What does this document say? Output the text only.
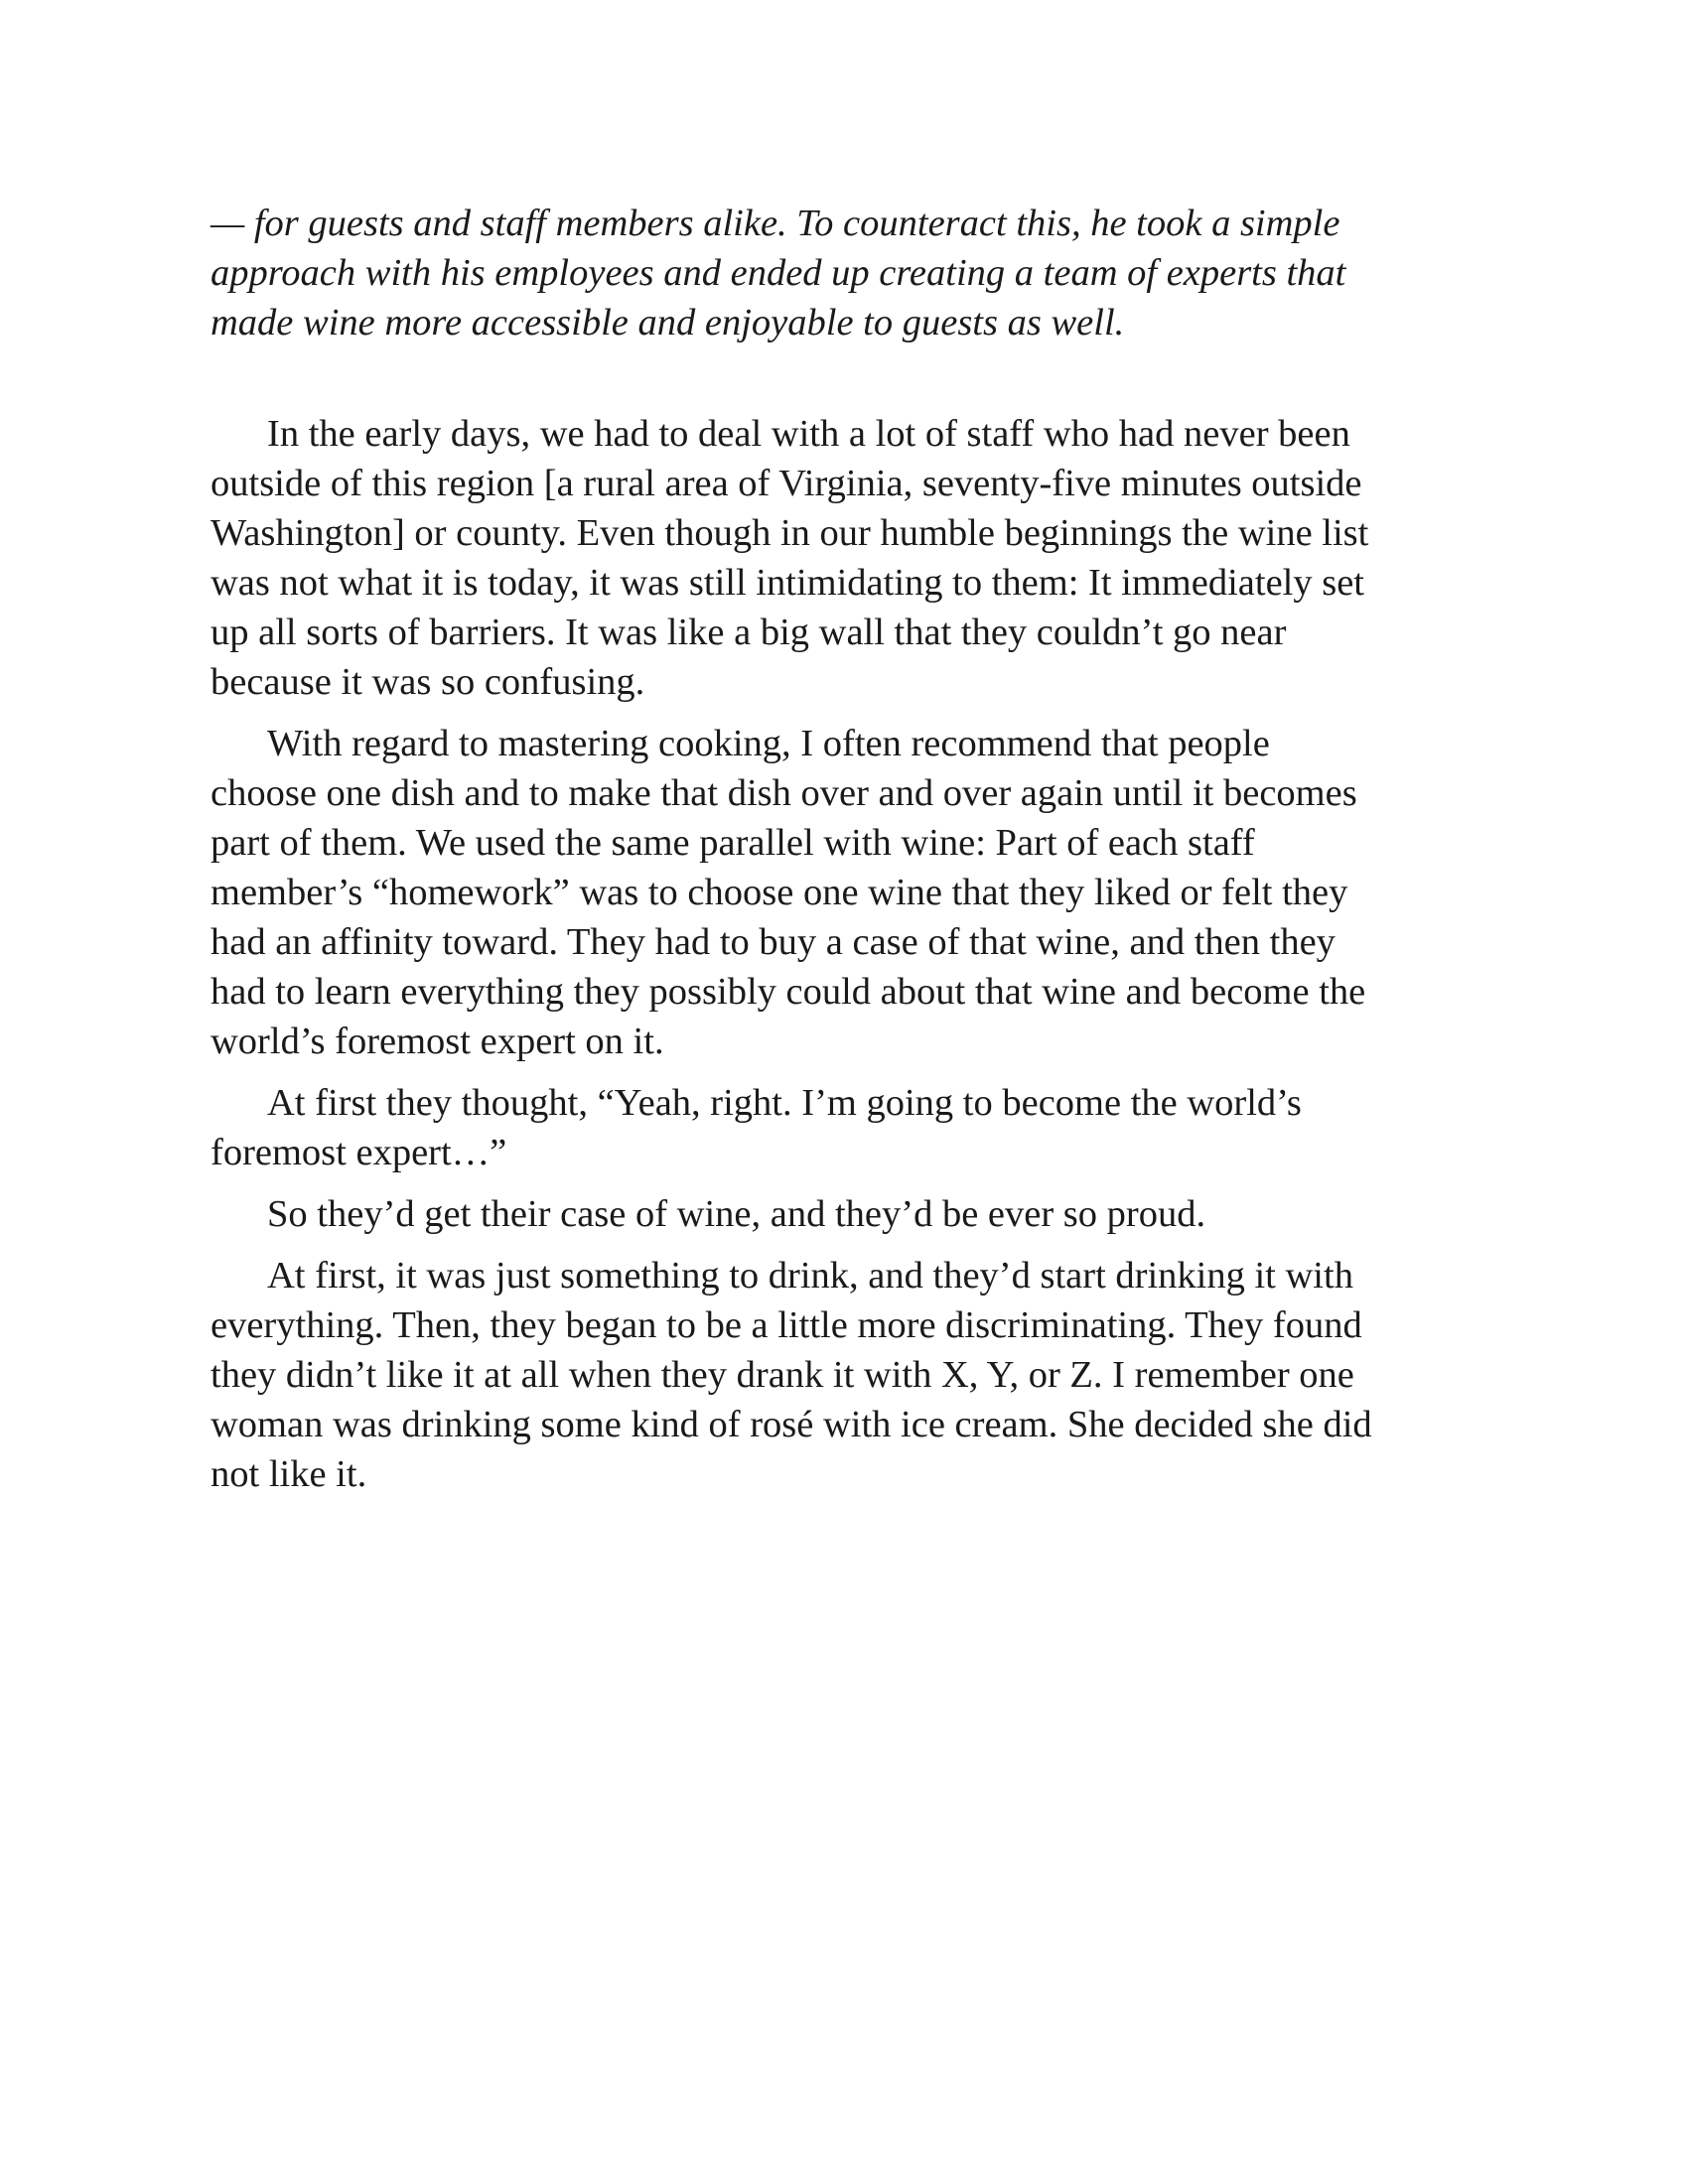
— for guests and staff members alike. To counteract this, he took a simple
approach with his employees and ended up creating a team of experts that
made wine more accessible and enjoyable to guests as well.

In the early days, we had to deal with a lot of staff who had never been
outside of this region [a rural area of Virginia, seventy-five minutes outside
Washington] or county. Even though in our humble beginnings the wine list
was not what it is today, it was still intimidating to them: It immediately set
up all sorts of barriers. It was like a big wall that they couldn’t go near
because it was so confusing.

With regard to mastering cooking, I often recommend that people
choose one dish and to make that dish over and over again until it becomes
part of them. We used the same parallel with wine: Part of each staff
member’s “homework” was to choose one wine that they liked or felt they
had an affinity toward. They had to buy a case of that wine, and then they
had to learn everything they possibly could about that wine and become the
world’s foremost expert on it.

At first they thought, “Yeah, right. I’m going to become the world’s
foremost expert…”

So they’d get their case of wine, and they’d be ever so proud.

At first, it was just something to drink, and they’d start drinking it with
everything. Then, they began to be a little more discriminating. They found
they didn’t like it at all when they drank it with X, Y, or Z. I remember one
woman was drinking some kind of rosé with ice cream. She decided she did
not like it.
